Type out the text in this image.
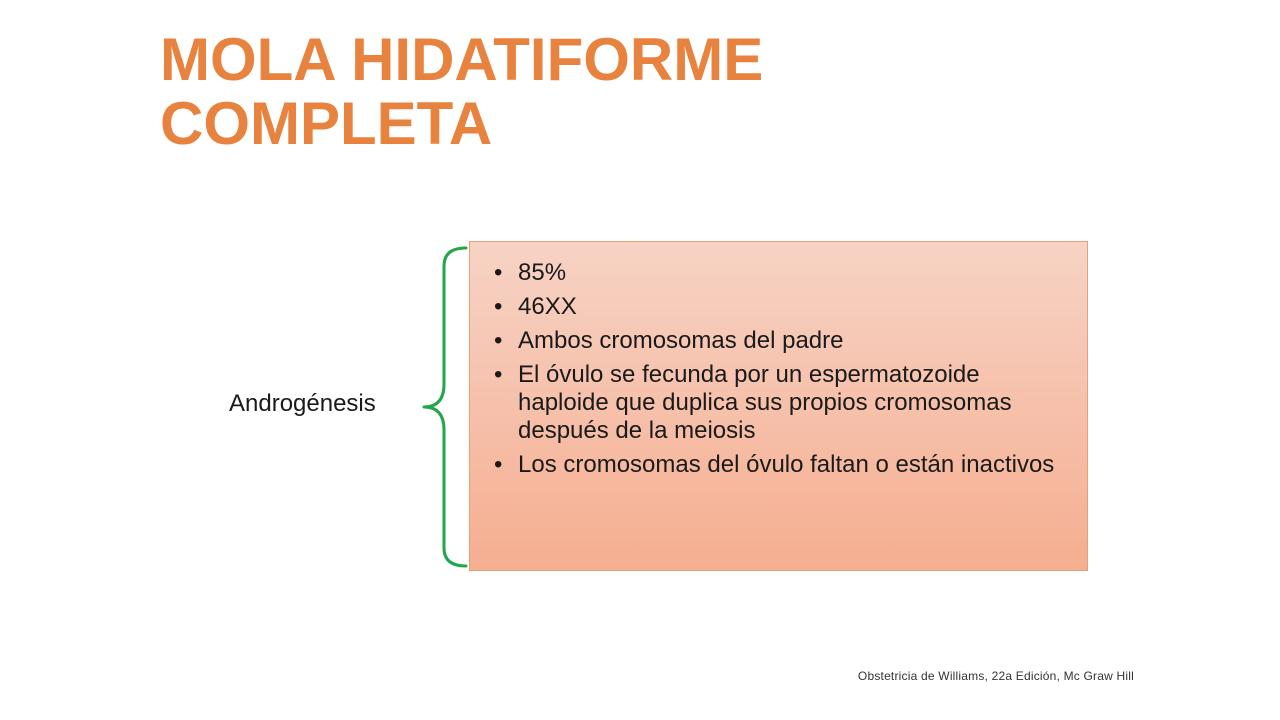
MOLA HIDATIFORME
COMPLETA
Androgénesis
• 85%
• 46XX
• Ambos cromosomas del padre
• El óvulo se fecunda por un espermatozoide haploide que duplica sus propios cromosomas después de la meiosis
• Los cromosomas del óvulo faltan o están inactivos
Obstetricia de Williams, 22a Edición, Mc Graw Hill
